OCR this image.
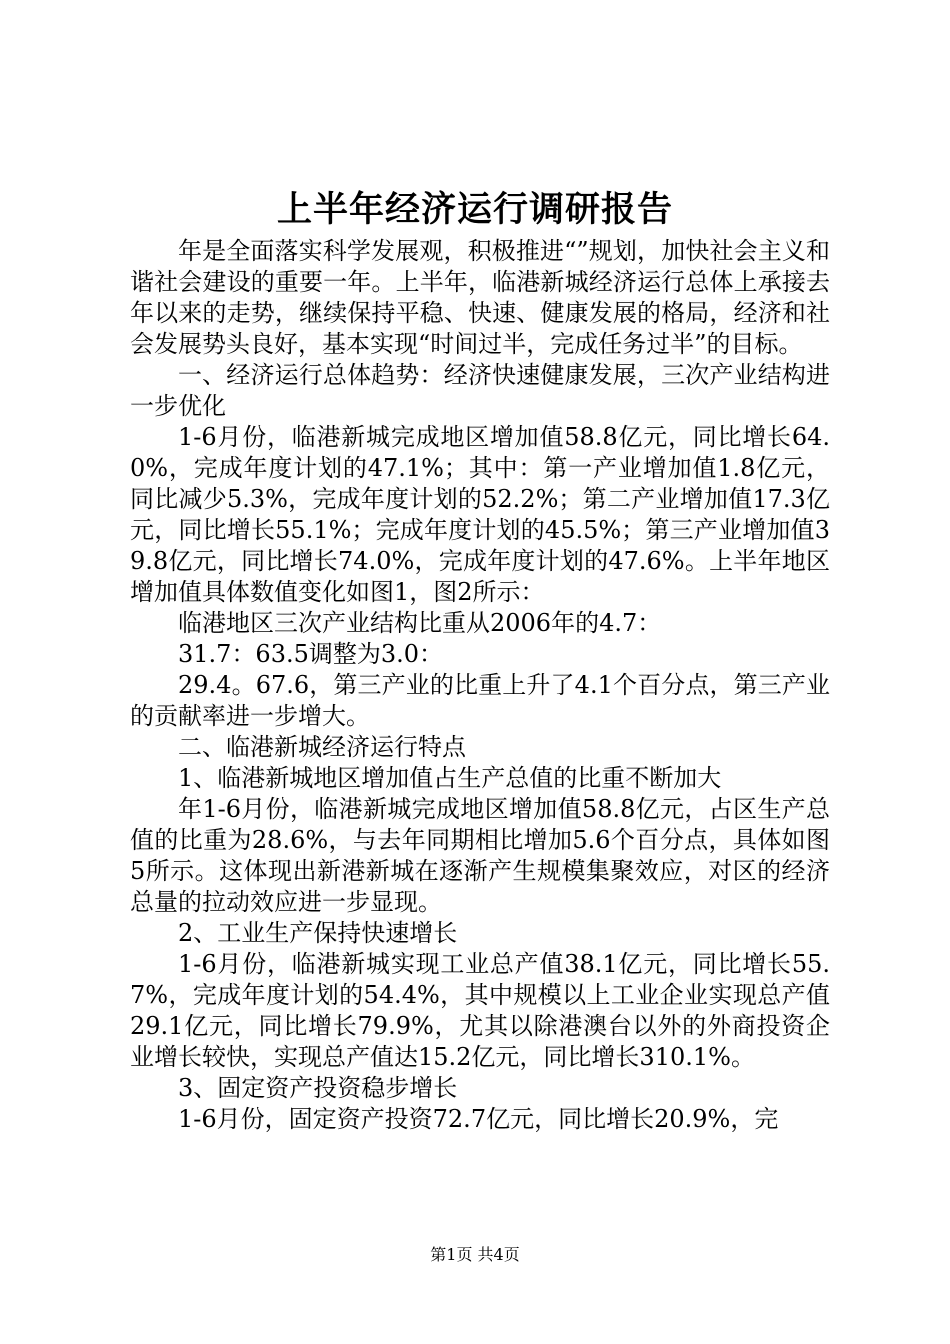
上半年经济运行调研报告

年是全面落实科学发展观，积极推进“”规划，加快社会主义和谐社会建设的重要一年。上半年，临港新城经济运行总体上承接去年以来的走势，继续保持平稳、快速、健康发展的格局，经济和社会发展势头良好，基本实现“时间过半，完成任务过半”的目标。

一、经济运行总体趋势：经济快速健康发展，三次产业结构进一步优化

1-6月份，临港新城完成地区增加值58.8亿元，同比增长64.0%，完成年度计划的47.1%；其中：第一产业增加值1.8亿元，同比减少5.3%，完成年度计划的52.2%；第二产业增加值17.3亿元，同比增长55.1%；完成年度计划的45.5%；第三产业增加值39.8亿元，同比增长74.0%，完成年度计划的47.6%。上半年地区增加值具体数值变化如图1，图2所示：

临港地区三次产业结构比重从2006年的4.7：

31.7：63.5调整为3.0：

29.4。67.6，第三产业的比重上升了4.1个百分点，第三产业的贡献率进一步增大。

二、临港新城经济运行特点

1、临港新城地区增加值占生产总值的比重不断加大

年1-6月份，临港新城完成地区增加值58.8亿元，占区生产总值的比重为28.6%，与去年同期相比增加5.6个百分点，具体如图5所示。这体现出新港新城在逐渐产生规模集聚效应，对区的经济总量的拉动效应进一步显现。

2、工业生产保持快速增长

1-6月份，临港新城实现工业总产值38.1亿元，同比增长55.7%，完成年度计划的54.4%，其中规模以上工业企业实现总产值29.1亿元，同比增长79.9%，尤其以除港澳台以外的外商投资企业增长较快，实现总产值达15.2亿元，同比增长310.1%。

3、固定资产投资稳步增长

1-6月份，固定资产投资72.7亿元，同比增长20.9%，完

第1页 共4页
